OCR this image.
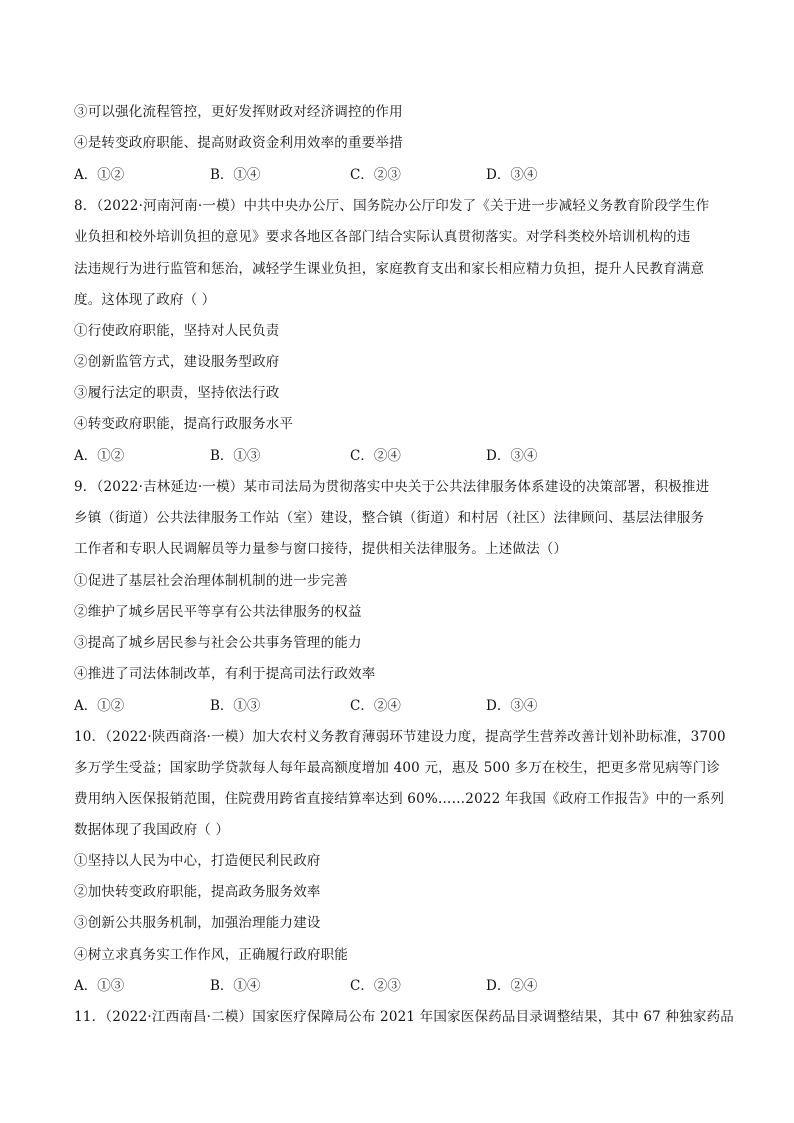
③可以强化流程管控，更好发挥财政对经济调控的作用
④是转变政府职能、提高财政资金利用效率的重要举措
A．①②	B．①④	C．②③	D．③④
8．（2022·河南河南·一模）中共中央办公厅、国务院办公厅印发了《关于进一步减轻义务教育阶段学生作
业负担和校外培训负担的意见》要求各地区各部门结合实际认真贯彻落实。对学科类校外培训机构的违
法违规行为进行监管和惩治，减轻学生课业负担，家庭教育支出和家长相应精力负担，提升人民教育满意
度。这体现了政府（ ）
①行使政府职能，坚持对人民负责
②创新监管方式，建设服务型政府
③履行法定的职责，坚持依法行政
④转变政府职能，提高行政服务水平
A．①②	B．①③	C．②④	D．③④
9．（2022·吉林延边·一模）某市司法局为贯彻落实中央关于公共法律服务体系建设的决策部署，积极推进
乡镇（街道）公共法律服务工作站（室）建设，整合镇（街道）和村居（社区）法律顾问、基层法律服务
工作者和专职人民调解员等力量参与窗口接待，提供相关法律服务。上述做法（）
①促进了基层社会治理体制机制的进一步完善
②维护了城乡居民平等享有公共法律服务的权益
③提高了城乡居民参与社会公共事务管理的能力
④推进了司法体制改革，有利于提高司法行政效率
A．①②	B．①③	C．②④	D．③④
10．（2022·陕西商洛·一模）加大农村义务教育薄弱环节建设力度，提高学生营养改善计划补助标准，3700
多万学生受益；国家助学贷款每人每年最高额度增加 400 元，惠及 500 多万在校生，把更多常见病等门诊
费用纳入医保报销范围，住院费用跨省直接结算率达到 60%……2022 年我国《政府工作报告》中的一系列
数据体现了我国政府（ ）
①坚持以人民为中心，打造便民利民政府
②加快转变政府职能，提高政务服务效率
③创新公共服务机制，加强治理能力建设
④树立求真务实工作作风，正确履行政府职能
A．①③	B．①④	C．②③	D．②④
11．（2022·江西南昌·二模）国家医疗保障局公布 2021 年国家医保药品目录调整结果，其中 67 种独家药品
